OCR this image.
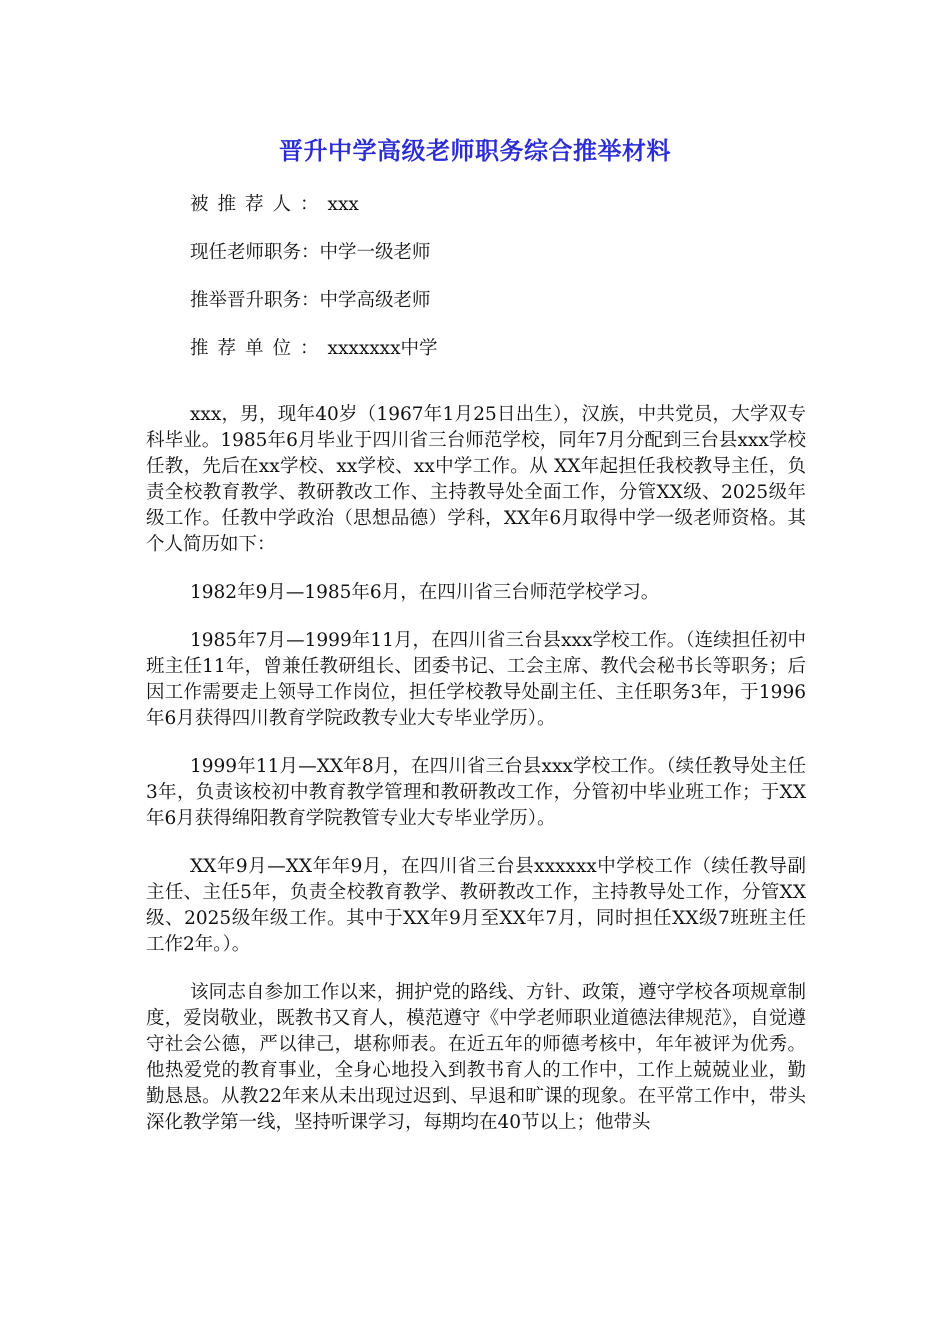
晋升中学高级老师职务综合推举材料
被推荐人：xxx
现任老师职务：中学一级老师
推举晋升职务：中学高级老师
推荐单位：xxxxxxx中学

xxx，男，现年40岁（1967年1月25日出生），汉族，中共党员，大学双专科毕业。1985年6月毕业于四川省三台师范学校，同年7月分配到三台县xxx学校任教，先后在xx学校、xx学校、xx中学工作。从 XX年起担任我校教导主任，负责全校教育教学、教研教改工作、主持教导处全面工作，分管XX级、2025级年级工作。任教中学政治（思想品德）学科，XX年6月取得中学一级老师资格。其个人简历如下：

1982年9月—1985年6月，在四川省三台师范学校学习。

1985年7月—1999年11月，在四川省三台县xxx学校工作。（连续担任初中班主任11年，曾兼任教研组长、团委书记、工会主席、教代会秘书长等职务；后因工作需要走上领导工作岗位，担任学校教导处副主任、主任职务3年，于1996年6月获得四川教育学院政教专业大专毕业学历）。

1999年11月—XX年8月，在四川省三台县xxx学校工作。（续任教导处主任3年，负责该校初中教育教学管理和教研教改工作，分管初中毕业班工作；于XX年6月获得绵阳教育学院教管专业大专毕业学历）。

XX年9月—XX年年9月，在四川省三台县xxxxxx中学校工作（续任教导副主任、主任5年，负责全校教育教学、教研教改工作，主持教导处工作，分管XX级、2025级年级工作。其中于XX年9月至XX年7月，同时担任XX级7班班主任工作2年。）。

该同志自参加工作以来，拥护党的路线、方针、政策，遵守学校各项规章制度，爱岗敬业，既教书又育人，模范遵守《中学老师职业道德法律规范》，自觉遵守社会公德，严以律己，堪称师表。在近五年的师德考核中，年年被评为优秀。他热爱党的教育事业，全身心地投入到教书育人的工作中，工作上兢兢业业，勤勤恳恳。从教22年来从未出现过迟到、早退和旷课的现象。在平常工作中，带头深化教学第一线，坚持听课学习，每期均在40节以上；他带头
